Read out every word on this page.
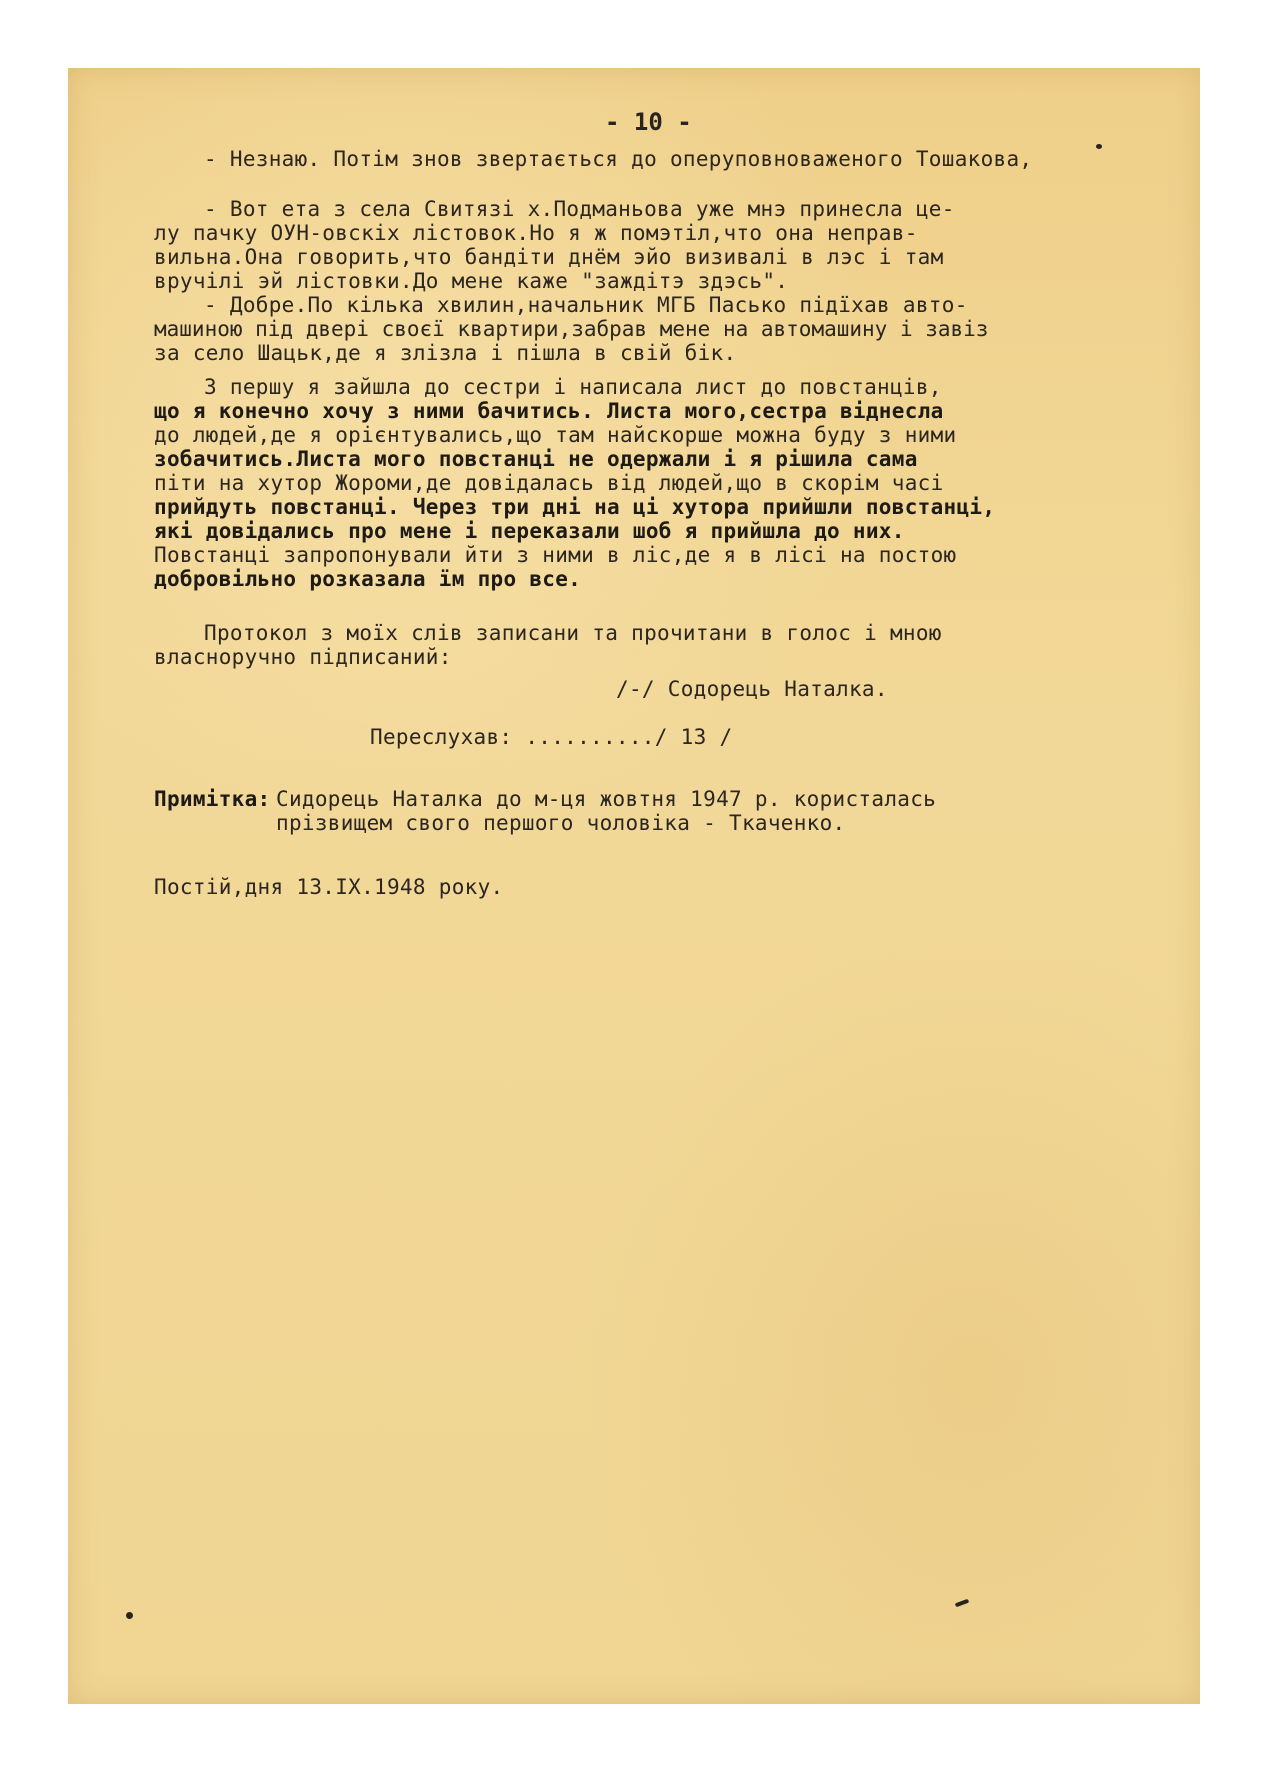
- 10 -
- Незнаю. Потім знов звертається до оперуповноваженого Тошакова,
- Вот ета з села Свитязі х.Подманьова уже мнэ принесла це-
лу пачку ОУН-овскіх лістовок.Но я ж помэтіл,что она неправ-
вильна.Она говорить,что бандіти днём эйо визивалі в лэс і там
вручілі эй лістовки.До мене каже "заждітэ здэсь".
- Добре.По кілька хвилин,начальник МГБ Пасько підїхав авто-
машиною під двері своєї квартири,забрав мене на автомашину і завіз
за село Шацьк,де я злізла і пішла в свій бік.
З першу я зайшла до сестри і написала лист до повстанців,
що я конечно хочу з ними бачитись. Листа мого,сестра віднесла
до людей,де я орієнтувались,що там найскорше можна буду з ними
зобачитись.Листа мого повстанці не одержали і я рішила сама
піти на хутор Жороми,де довідалась від людей,що в скорім часі
прийдуть повстанці. Через три дні на ці хутора прийшли повстанці,
які довідались про мене і переказали шоб я прийшла до них.
Повстанці запропонували йти з ними в ліс,де я в лісі на постою
добровільно розказала їм про все.
Протокол з моїх слів записани та прочитани в голос і мною
власноручно підписаний:
/-/ Содорець Наталка.
Переслухав: ........../ 13 /
Примітка: Сидорець Наталка до м-ця жовтня 1947 р. користалась
прізвищем свого першого чоловіка - Ткаченко.
Постій,дня 13.IX.1948 року.
